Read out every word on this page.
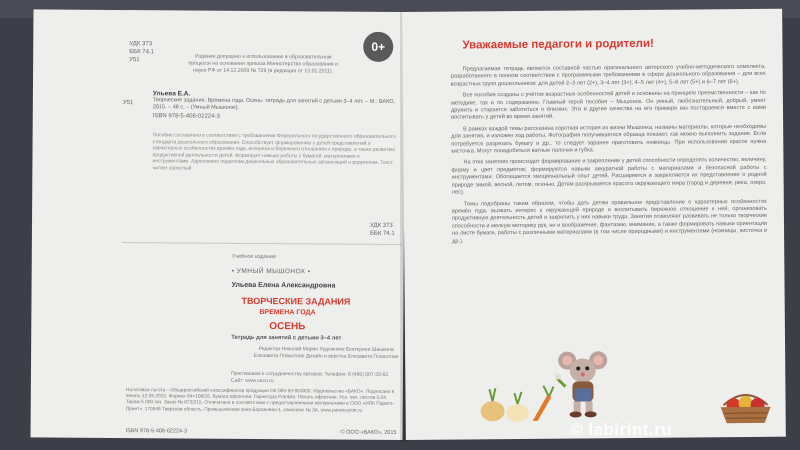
УДК 373
ББК 74.1
У51	Издание допущено к использованию в образовательном процессе на основании приказа Министерства образования и науки РФ от 14.12.2009 № 729 (в редакции от 13.01.2011).
0+
У51
Ульева Е.А.
Творческие задания. Времена года. Осень: тетрадь для занятий с детьми 3–4 лет. – М.: ВАКО, 2015. – 48 с. – (Умный Мышонок).
ISBN 978-5-408-02224-3
Пособие составлено в соответствии с требованиями Федерального государственного образовательного стандарта дошкольного образования. Способствует формированию у детей представлений о характерных особенностях времён года, интереса и бережного отношения к природе, а также развитию продуктивной деятельности детей. Формирует навыки работы с бумагой, материалами и инструментами. Адресовано педагогам дошкольных образовательных организаций и родителям. Текст читает взрослый.
УДК 373
ББК 74.1
Учебное издание
• УМНЫЙ МЫШОНОК •
Ульева Елена Александровна
ТВОРЧЕСКИЕ ЗАДАНИЯ
ВРЕМЕНА ГОДА
ОСЕНЬ
Тетрадь для занятий с детьми 3–4 лет
Редактор Николай Марин Художники Екатерина Шашкина Елизавета Плахотная Дизайн и вёрстка Елизавета Плахотная
Приглашаем к сотрудничеству авторов. Телефон: 8 (495) 507-33-62. Сайт: www.vaco.ru
Налоговая льгота – Общероссийский классификатор продукции ОК 005-93-953000. Издательство «ВАКО». Подписано в печать 12.05.2015. Формат 84×108/16. Бумага офсетная. Гарнитура Franklin. Печать офсетная. Усл. печ. листов 5,04. Тираж 5 000 экз. Заказ № 8732/15. Отпечатано в соответствии с предоставленными материалами в ООО «ИПК Парето-Принт», 170546 Тверская область, Промышленная зона Боровлево-1, комплекс № 3А, www.pareto-print.ru
ISBN 978-5-408-02224-3	© ООО «ВАКО», 2015
Уважаемые педагоги и родители!

Предлагаемая тетрадь является составной частью оригинального авторского учебно-методического комплекта, разработанного в полном соответствии с программными требованиями в сфере дошкольного образования – для всех возрастных групп дошкольников: для детей 2–3 лет (2+), 3–4 лет (3+), 4–5 лет (4+), 5–6 лет (5+) и 6–7 лет (6+).

Все пособия созданы с учётом возрастных особенностей детей и основаны на принципе преемственности – как по методике, так и по содержанию. Главный герой пособия – Мышонок. Он умный, любознательный, добрый, умеет дружить и старается заботиться о близких. Эти и другие качества на его примере мы постараемся вместе с вами воспитывать у детей во время занятий.

В рамках каждой темы рассказана короткая история из жизни Мышонка, названы материалы, которые необходимы для занятия, и изложен ход работы. Фотография получившегося образца покажет, как можно выполнить задание. Если потребуется разрезать бумагу и др., то следует заранее приготовить ножницы. При использовании красок нужна кисточка. Могут понадобиться ватные палочки и губка.

На этих занятиях происходит формирование и закрепление у детей способности определять количество, величину, форму и цвет предметов; формируются навыки аккуратной работы с материалами и безопасной работы с инструментами. Обогащается эмоциональный опыт детей. Расширяется и закрепляется их представление о родной природе зимой, весной, летом, осенью. Детям раскрывается красота окружающего мира (город и деревня, река, озеро, лес).

Темы подобраны таким образом, чтобы дать детям правильное представление о характерных особенностях времён года, вызвать интерес к окружающей природе и воспитывать бережное отношение к ней, организовать продуктивную деятельность детей и закрепить у них навыки труда. Занятия позволяют развивать не только творческие способности и мелкую моторику рук, но и воображение, фантазию, внимание, а также формировать навыки ориентации на листе бумаги, работы с различными материалами (в том числе природными) и инструментами (ножницы, кисточка и др.).

© labirint.ru
